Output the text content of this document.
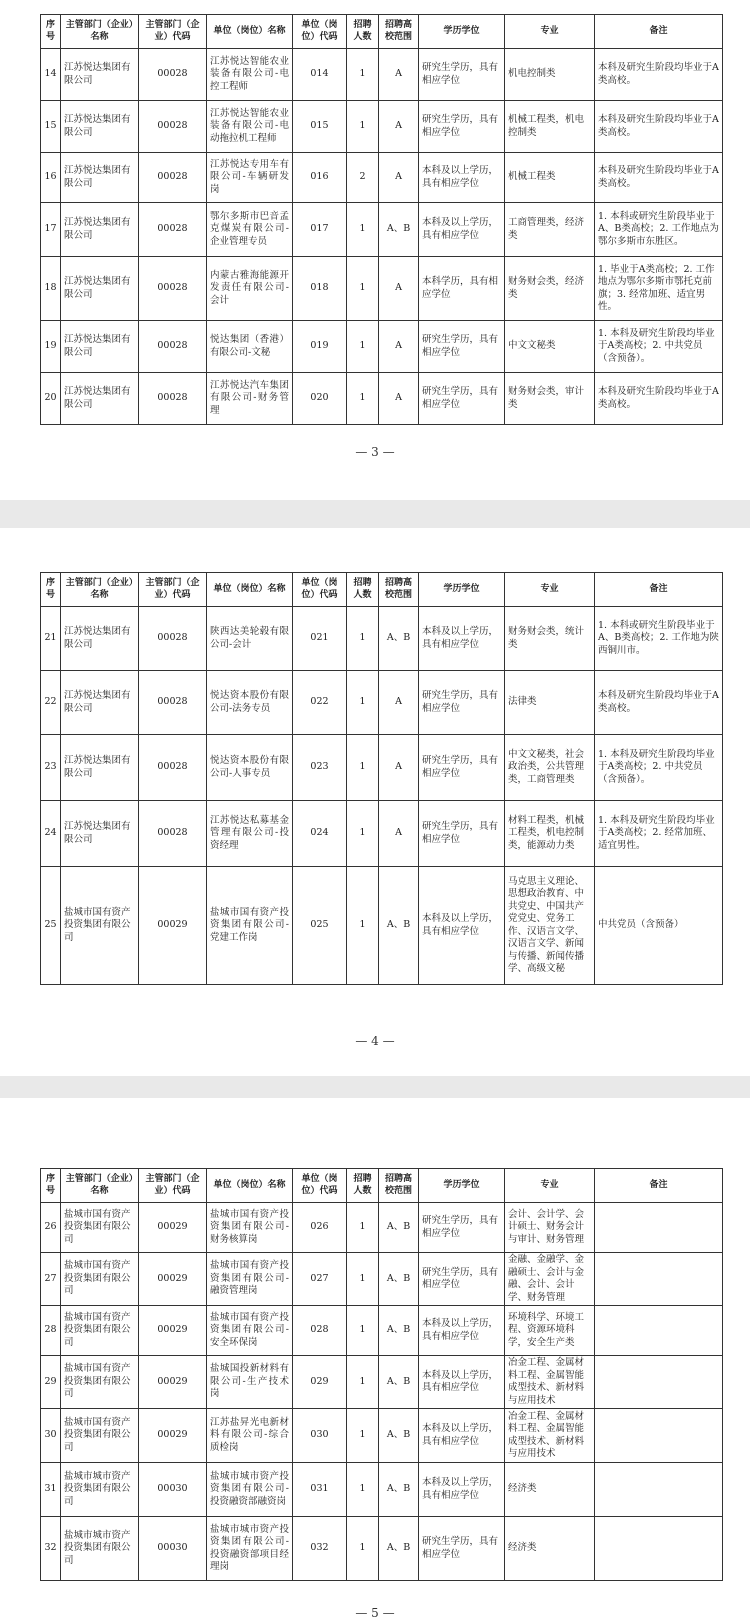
序号	主管部门（企业）名称	主管部门（企业）代码	单位（岗位）名称	单位（岗位）代码	招聘人数	招聘高校范围	学历学位	专业	备注
14	江苏悦达集团有限公司	00028	江苏悦达智能农业装备有限公司-电控工程师	014	1	A	研究生学历，具有相应学位	机电控制类	本科及研究生阶段均毕业于A类高校。
15	江苏悦达集团有限公司	00028	江苏悦达智能农业装备有限公司-电动拖拉机工程师	015	1	A	研究生学历，具有相应学位	机械工程类，机电控制类	本科及研究生阶段均毕业于A类高校。
16	江苏悦达集团有限公司	00028	江苏悦达专用车有限公司-车辆研发岗	016	2	A	本科及以上学历，具有相应学位	机械工程类	本科及研究生阶段均毕业于A类高校。
17	江苏悦达集团有限公司	00028	鄂尔多斯市巴音孟克煤炭有限公司-企业管理专员	017	1	A、B	本科及以上学历，具有相应学位	工商管理类，经济类	1. 本科或研究生阶段毕业于A、B类高校；2. 工作地点为鄂尔多斯市东胜区。
18	江苏悦达集团有限公司	00028	内蒙古雅海能源开发责任有限公司-会计	018	1	A	本科学历，具有相应学位	财务财会类，经济类	1. 毕业于A类高校；2. 工作地点为鄂尔多斯市鄂托克前旗；3. 经常加班、适宜男性。
19	江苏悦达集团有限公司	00028	悦达集团（香港）有限公司-文秘	019	1	A	研究生学历，具有相应学位	中文文秘类	1. 本科及研究生阶段均毕业于A类高校；2. 中共党员（含预备）。
20	江苏悦达集团有限公司	00028	江苏悦达汽车集团有限公司-财务管理	020	1	A	研究生学历，具有相应学位	财务财会类，审计类	本科及研究生阶段均毕业于A类高校。
— 3 —
序号	主管部门（企业）名称	主管部门（企业）代码	单位（岗位）名称	单位（岗位）代码	招聘人数	招聘高校范围	学历学位	专业	备注
21	江苏悦达集团有限公司	00028	陕西达美轮毂有限公司-会计	021	1	A、B	本科及以上学历，具有相应学位	财务财会类，统计类	1. 本科或研究生阶段毕业于A、B类高校；2. 工作地为陕西铜川市。
22	江苏悦达集团有限公司	00028	悦达资本股份有限公司-法务专员	022	1	A	研究生学历，具有相应学位	法律类	本科及研究生阶段均毕业于A类高校。
23	江苏悦达集团有限公司	00028	悦达资本股份有限公司-人事专员	023	1	A	研究生学历，具有相应学位	中文文秘类，社会政治类，公共管理类，工商管理类	1. 本科及研究生阶段均毕业于A类高校；2. 中共党员（含预备）。
24	江苏悦达集团有限公司	00028	江苏悦达私募基金管理有限公司-投资经理	024	1	A	研究生学历，具有相应学位	材料工程类，机械工程类，机电控制类，能源动力类	1. 本科及研究生阶段均毕业于A类高校；2. 经常加班、适宜男性。
25	盐城市国有资产投资集团有限公司	00029	盐城市国有资产投资集团有限公司-党建工作岗	025	1	A、B	本科及以上学历，具有相应学位	马克思主义理论、思想政治教育、中共党史、中国共产党党史、党务工作、汉语言文学、汉语言文学、新闻与传播、新闻传播学、高级文秘	中共党员（含预备）
— 4 —
序号	主管部门（企业）名称	主管部门（企业）代码	单位（岗位）名称	单位（岗位）代码	招聘人数	招聘高校范围	学历学位	专业	备注
26	盐城市国有资产投资集团有限公司	00029	盐城市国有资产投资集团有限公司-财务核算岗	026	1	A、B	研究生学历，具有相应学位	会计、会计学、会计硕士、财务会计与审计、财务管理	
27	盐城市国有资产投资集团有限公司	00029	盐城市国有资产投资集团有限公司-融资管理岗	027	1	A、B	研究生学历，具有相应学位	金融、金融学、金融硕士、会计与金融、会计、会计学、财务管理	
28	盐城市国有资产投资集团有限公司	00029	盐城市国有资产投资集团有限公司-安全环保岗	028	1	A、B	本科及以上学历，具有相应学位	环境科学、环境工程、资源环境科学，安全生产类	
29	盐城市国有资产投资集团有限公司	00029	盐城国投新材料有限公司-生产技术岗	029	1	A、B	本科及以上学历，具有相应学位	冶金工程、金属材料工程、金属智能成型技术、新材料与应用技术	
30	盐城市国有资产投资集团有限公司	00029	江苏盐昇光电新材料有限公司-综合质检岗	030	1	A、B	本科及以上学历，具有相应学位	冶金工程、金属材料工程、金属智能成型技术、新材料与应用技术	
31	盐城市城市资产投资集团有限公司	00030	盐城市城市资产投资集团有限公司-投资融资部融资岗	031	1	A、B	本科及以上学历，具有相应学位	经济类	
32	盐城市城市资产投资集团有限公司	00030	盐城市城市资产投资集团有限公司-投资融资部项目经理岗	032	1	A、B	研究生学历，具有相应学位	经济类	
— 5 —
